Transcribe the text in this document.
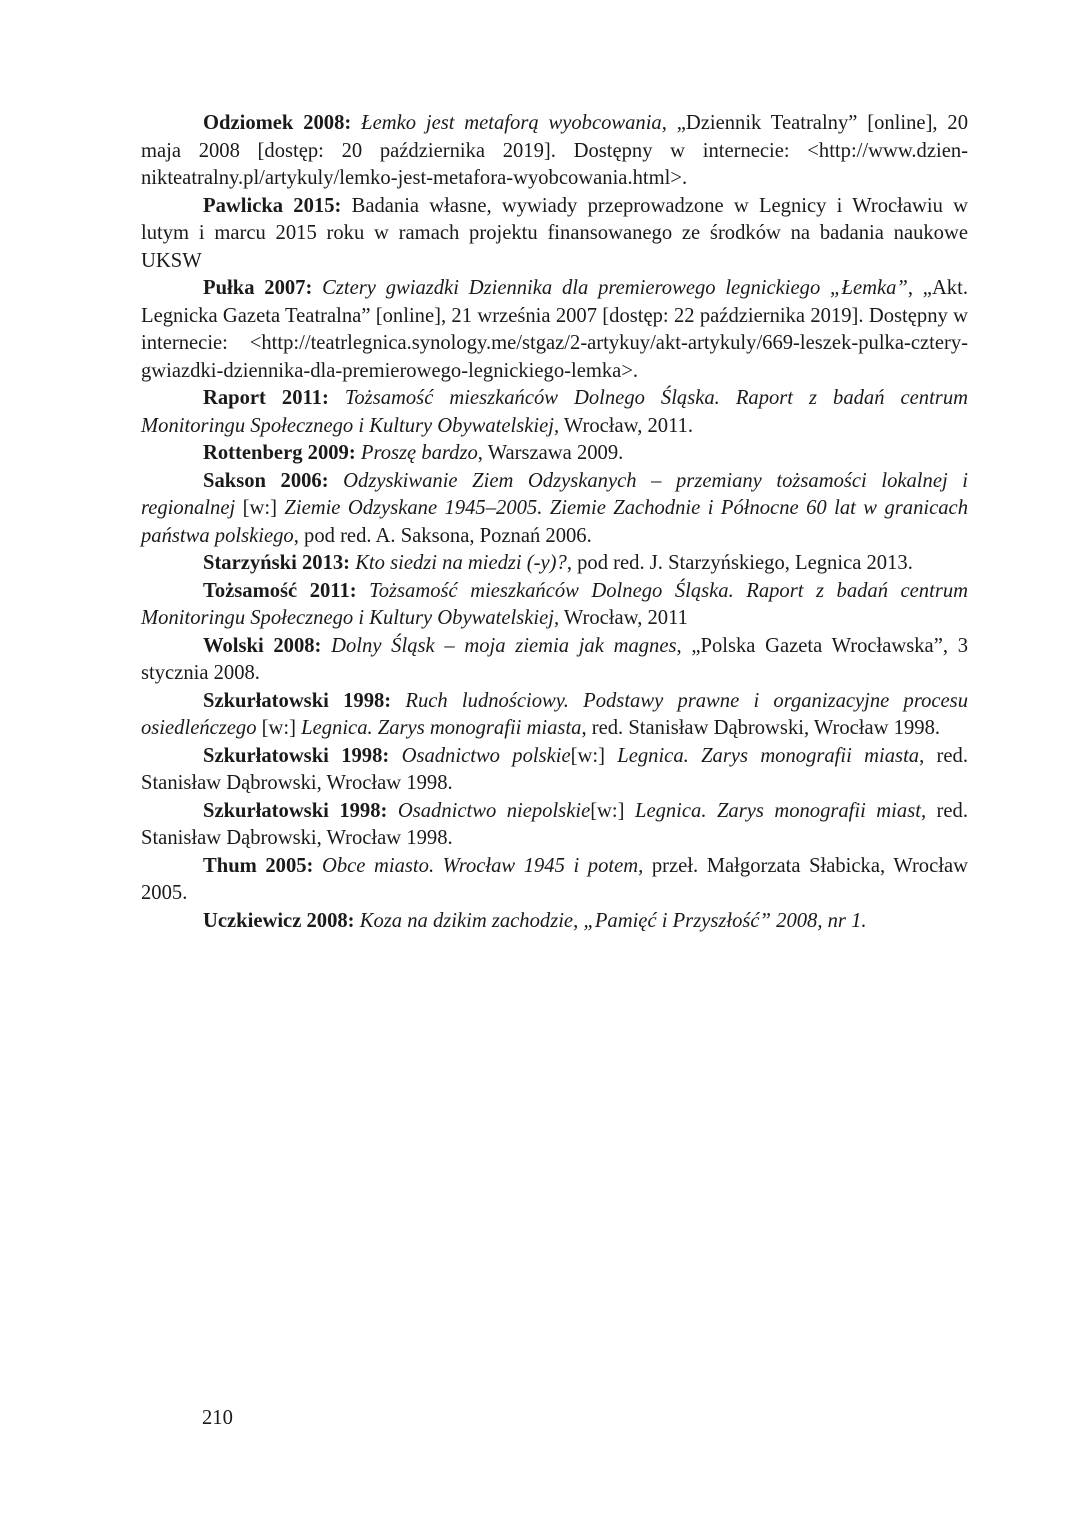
Odziomek 2008: Łemko jest metaforą wyobcowania, „Dziennik Teatralny” [online], 20 maja 2008 [dostęp: 20 października 2019]. Dostępny w internecie: <http://www.dziennikteatralny.pl/artykuly/lemko-jest-metafora-wyobcowania.html>.

Pawlicka 2015: Badania własne, wywiady przeprowadzone w Legnicy i Wrocławiu w lutym i marcu 2015 roku w ramach projektu finansowanego ze środków na badania naukowe UKSW

Pułka 2007: Cztery gwiazdki Dziennika dla premierowego legnickiego „Łemka”, „Akt. Legnicka Gazeta Teatralna” [online], 21 września 2007 [dostęp: 22 października 2019]. Dostępny w internecie: <http://teatrlegnica.synology.me/stgaz/2-artykuy/akt-artykuly/669-leszek-pulka-cztery-gwiazdki-dziennika-dla-premierowego-legnickiego-lemka>.

Raport 2011: Tożsamość mieszkańców Dolnego Śląska. Raport z badań centrum Monitoringu Społecznego i Kultury Obywatelskiej, Wrocław, 2011.

Rottenberg 2009: Proszę bardzo, Warszawa 2009.

Sakson 2006: Odzyskiwanie Ziem Odzyskanych – przemiany tożsamości lokalnej i regionalnej [w:] Ziemie Odzyskane 1945–2005. Ziemie Zachodnie i Północne 60 lat w granicach państwa polskiego, pod red. A. Saksona, Poznań 2006.

Starzyński 2013: Kto siedzi na miedzi (-y)?, pod red. J. Starzyńskiego, Legnica 2013.

Tożsamość 2011: Tożsamość mieszkańców Dolnego Śląska. Raport z badań centrum Monitoringu Społecznego i Kultury Obywatelskiej, Wrocław, 2011

Wolski 2008: Dolny Śląsk – moja ziemia jak magnes, „Polska Gazeta Wrocławska”, 3 stycznia 2008.

Szkurłatowski 1998: Ruch ludnościowy. Podstawy prawne i organizacyjne procesu osiedleńczego [w:] Legnica. Zarys monografii miasta, red. Stanisław Dąbrowski, Wrocław 1998.

Szkurłatowski 1998: Osadnictwo polskie[w:] Legnica. Zarys monografii miasta, red. Stanisław Dąbrowski, Wrocław 1998.

Szkurłatowski 1998: Osadnictwo niepolskie[w:] Legnica. Zarys monografii miast, red. Stanisław Dąbrowski, Wrocław 1998.

Thum 2005: Obce miasto. Wrocław 1945 i potem, przeł. Małgorzata Słabicka, Wrocław 2005.

Uczkiewicz 2008: Koza na dzikim zachodzie, „Pamięć i Przyszłość” 2008, nr 1.

210
